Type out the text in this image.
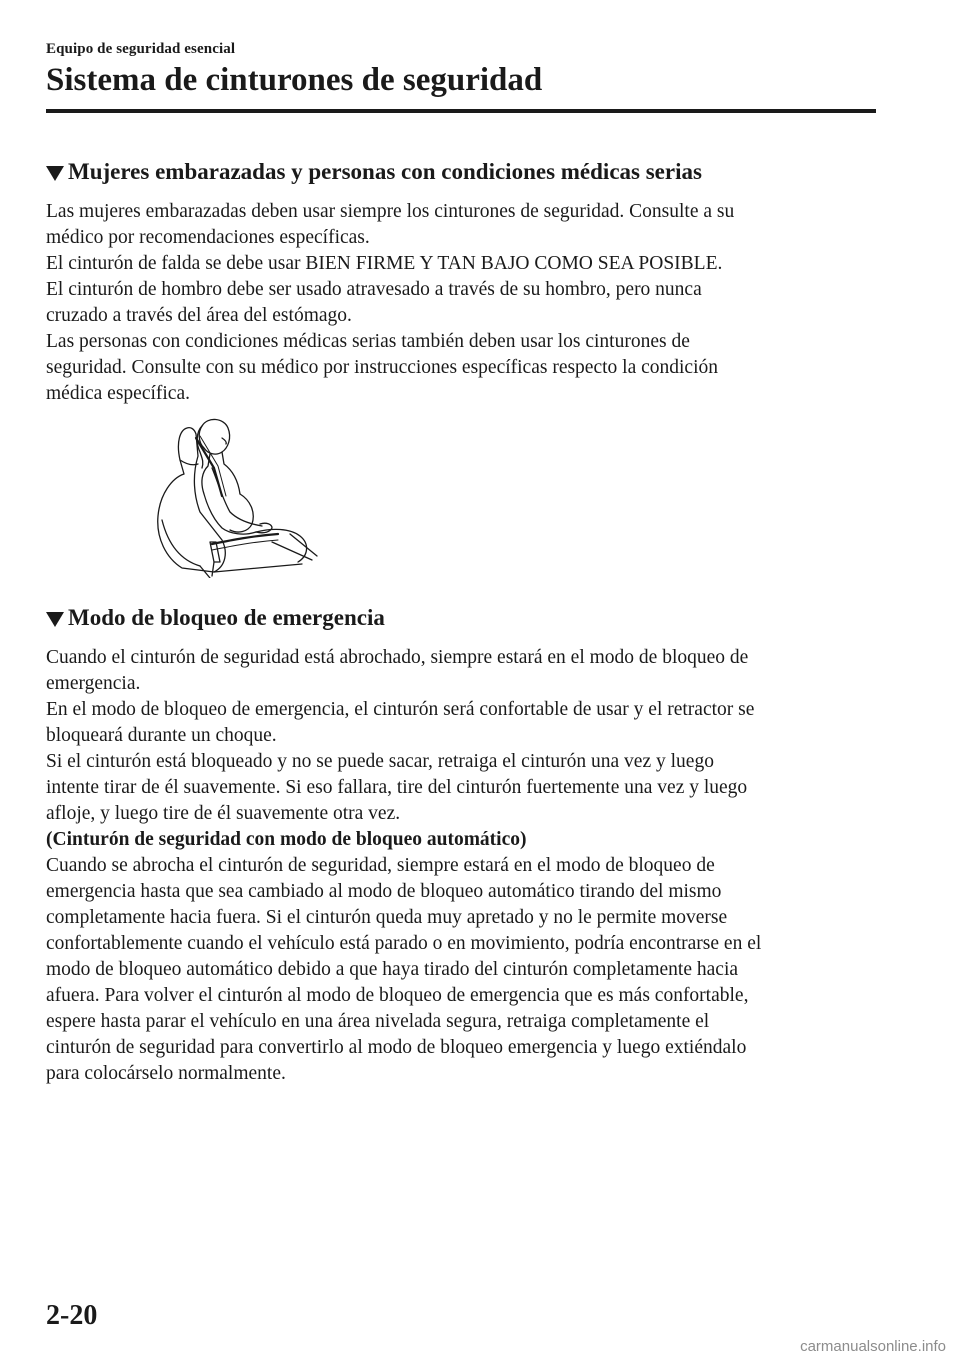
Equipo de seguridad esencial
Sistema de cinturones de seguridad
Mujeres embarazadas y personas con condiciones médicas serias

Las mujeres embarazadas deben usar siempre los cinturones de seguridad. Consulte a su

médico por recomendaciones específicas.

El cinturón de falda se debe usar BIEN FIRME Y TAN BAJO COMO SEA POSIBLE.

El cinturón de hombro debe ser usado atravesado a través de su hombro, pero nunca

cruzado a través del área del estómago.

Las personas con condiciones médicas serias también deben usar los cinturones de

seguridad. Consulte con su médico por instrucciones específicas respecto la condición

médica específica.

Modo de bloqueo de emergencia

Cuando el cinturón de seguridad está abrochado, siempre estará en el modo de bloqueo de

emergencia.

En el modo de bloqueo de emergencia, el cinturón será confortable de usar y el retractor se

bloqueará durante un choque.

Si el cinturón está bloqueado y no se puede sacar, retraiga el cinturón una vez y luego

intente tirar de él suavemente. Si eso fallara, tire del cinturón fuertemente una vez y luego

afloje, y luego tire de él suavemente otra vez.

(Cinturón de seguridad con modo de bloqueo automático)

Cuando se abrocha el cinturón de seguridad, siempre estará en el modo de bloqueo de

emergencia hasta que sea cambiado al modo de bloqueo automático tirando del mismo

completamente hacia fuera. Si el cinturón queda muy apretado y no le permite moverse

confortablemente cuando el vehículo está parado o en movimiento, podría encontrarse en el

modo de bloqueo automático debido a que haya tirado del cinturón completamente hacia

afuera. Para volver el cinturón al modo de bloqueo de emergencia que es más confortable,

espere hasta parar el vehículo en una área nivelada segura, retraiga completamente el

cinturón de seguridad para convertirlo al modo de bloqueo emergencia y luego extiéndalo

para colocárselo normalmente.

2-20
carmanualsonline.info
